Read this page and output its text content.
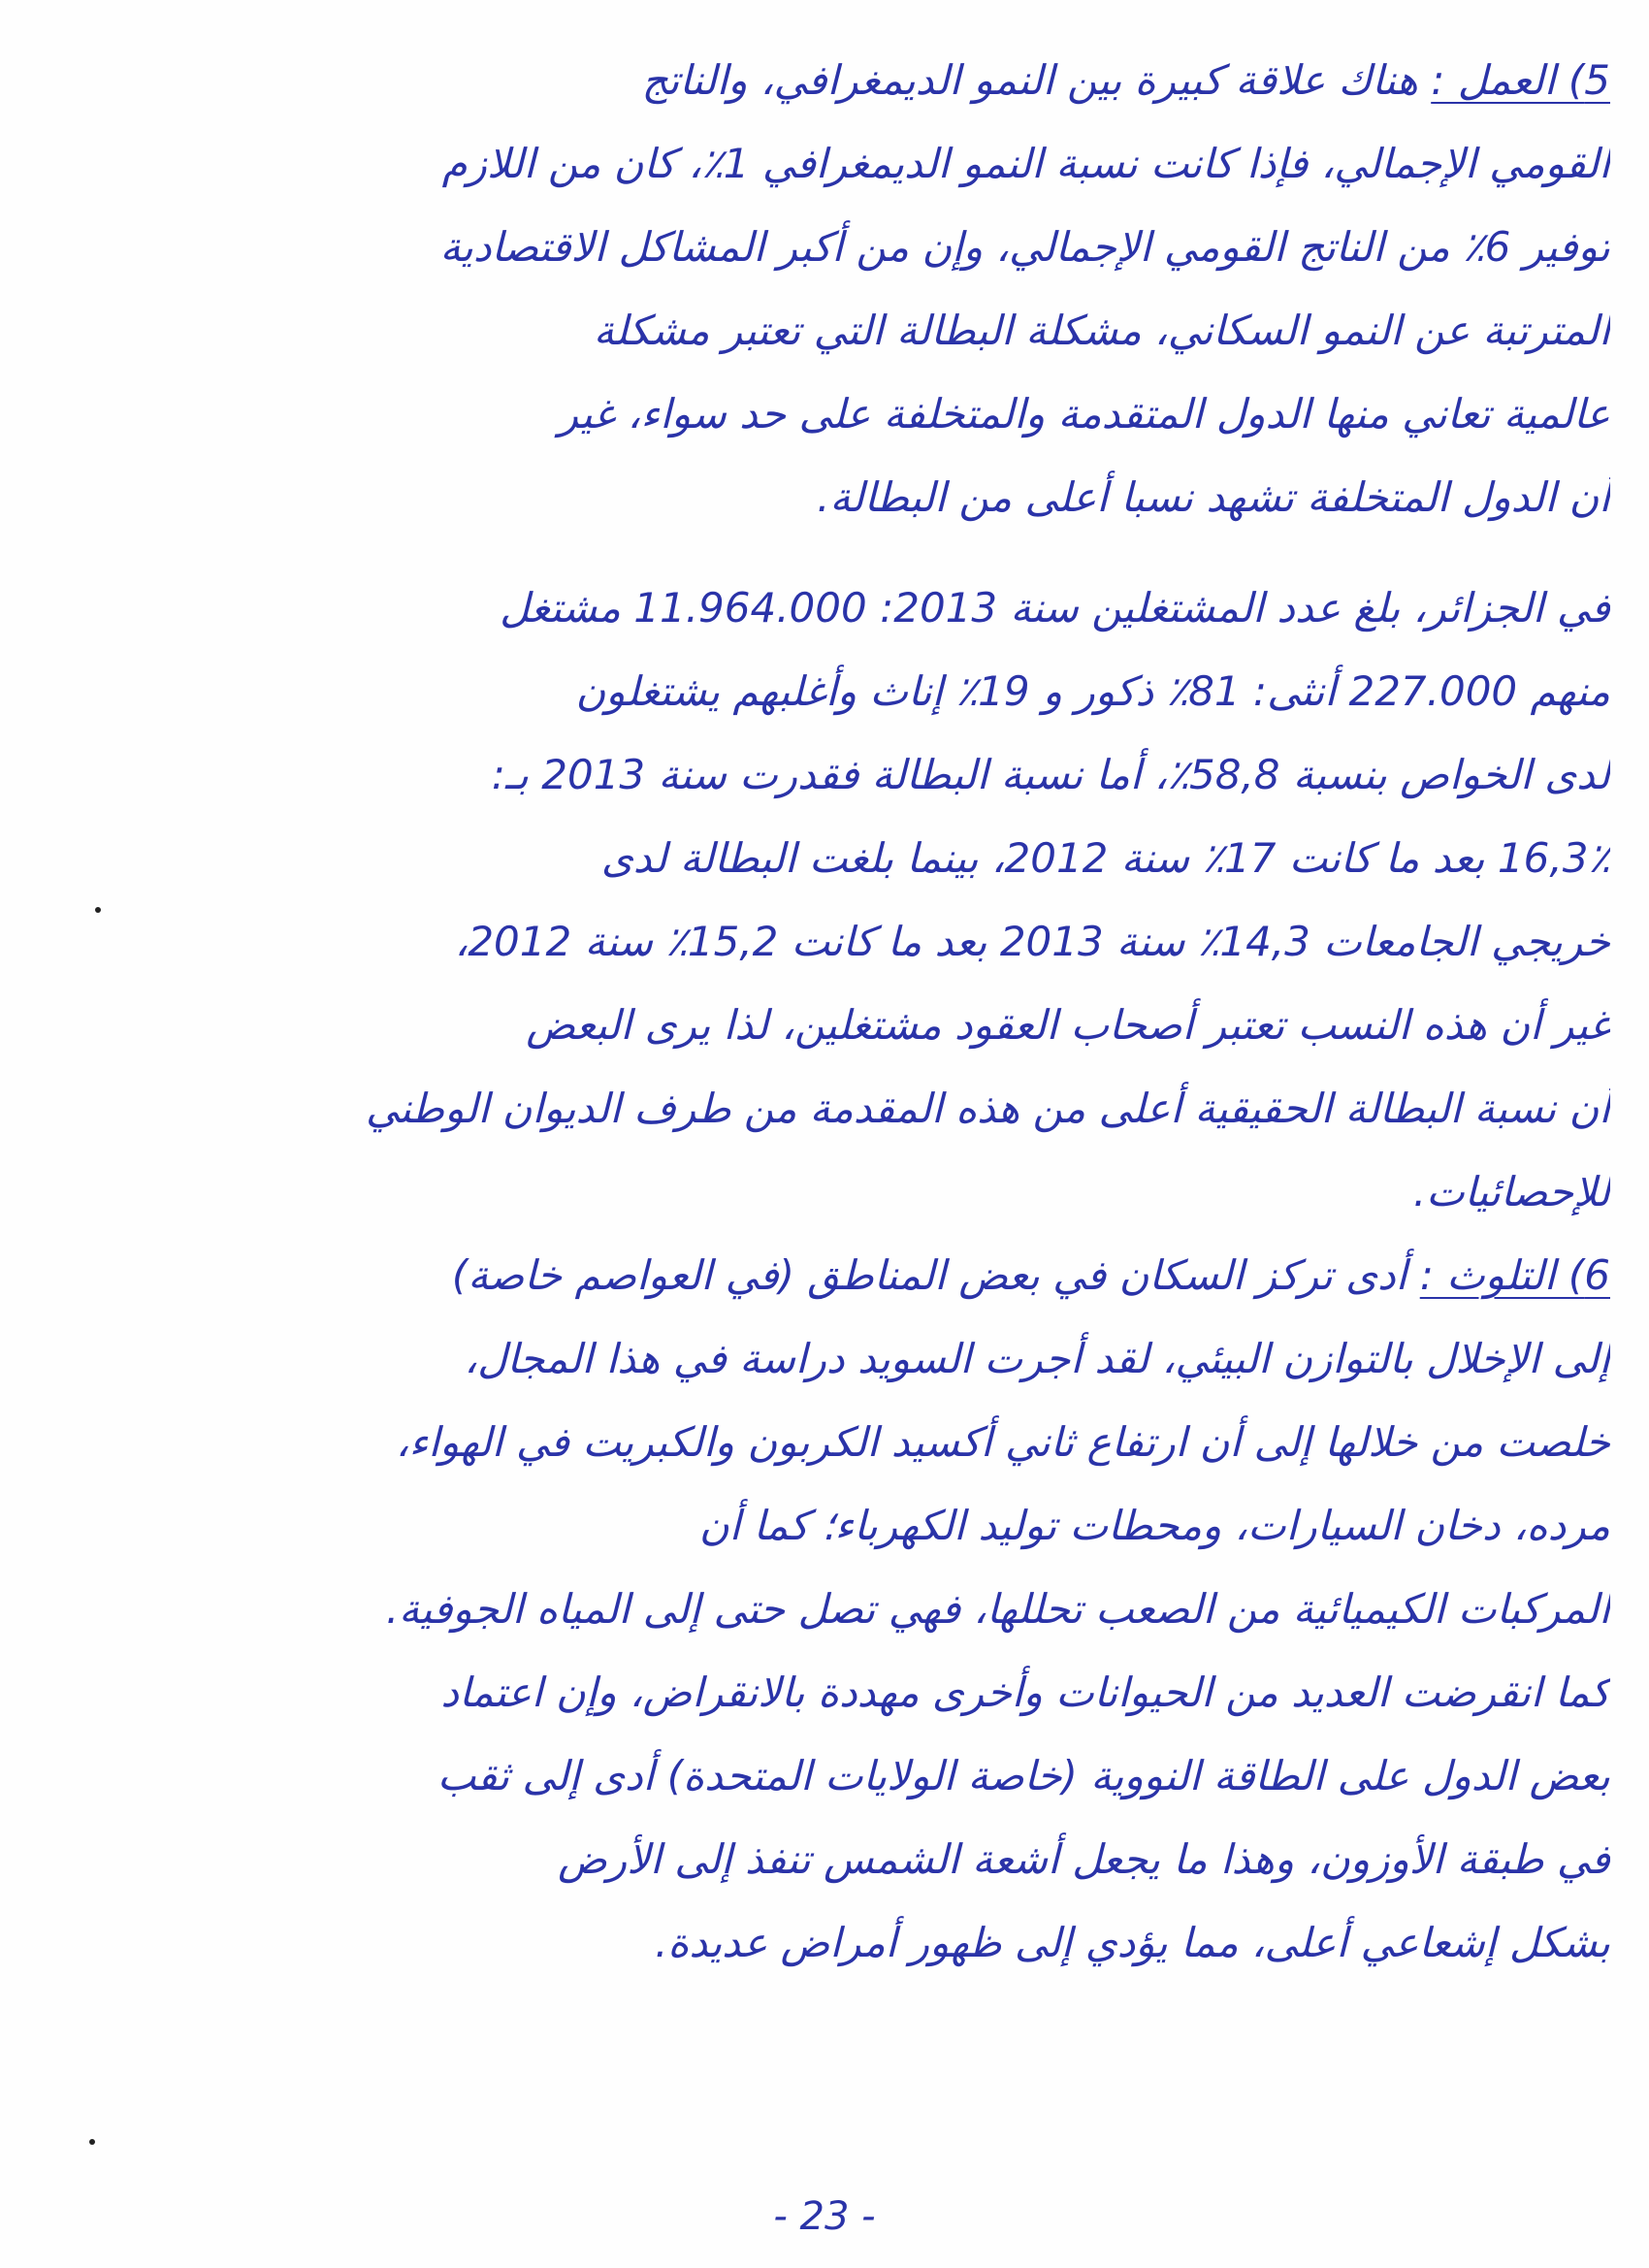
5) العمل : هناك علاقة كبيرة بين النمو الديمغرافي، والناتج
القومي الإجمالي، فإذا كانت نسبة النمو الديمغرافي 1٪، كان من اللازم
توفير 6٪ من الناتج القومي الإجمالي، وإن من أكبر المشاكل الاقتصادية
المترتبة عن النمو السكاني، مشكلة البطالة التي تعتبر مشكلة
عالمية تعاني منها الدول المتقدمة والمتخلفة على حد سواء، غير
أن الدول المتخلفة تشهد نسبا أعلى من البطالة.
في الجزائر، بلغ عدد المشتغلين سنة 2013: 11.964.000 مشتغل
منهم 227.000 أنثى: 81٪ ذكور و 19٪ إناث وأغلبهم يشتغلون
لدى الخواص بنسبة 58,8٪، أما نسبة البطالة فقدرت سنة 2013 بـ:
16,3٪ بعد ما كانت 17٪ سنة 2012، بينما بلغت البطالة لدى
خريجي الجامعات 14,3٪ سنة 2013 بعد ما كانت 15,2٪ سنة 2012،
غير أن هذه النسب تعتبر أصحاب العقود مشتغلين، لذا يرى البعض
أن نسبة البطالة الحقيقية أعلى من هذه المقدمة من طرف الديوان الوطني
للإحصائيات.
6) التلوث : أدى تركز السكان في بعض المناطق (في العواصم خاصة)
إلى الإخلال بالتوازن البيئي، لقد أجرت السويد دراسة في هذا المجال،
خلصت من خلالها إلى أن ارتفاع ثاني أكسيد الكربون والكبريت في الهواء،
مرده، دخان السيارات، ومحطات توليد الكهرباء؛ كما أن
المركبات الكيميائية من الصعب تحللها، فهي تصل حتى إلى المياه الجوفية.
كما انقرضت العديد من الحيوانات وأخرى مهددة بالانقراض، وإن اعتماد
بعض الدول على الطاقة النووية (خاصة الولايات المتحدة) أدى إلى ثقب
في طبقة الأوزون، وهذا ما يجعل أشعة الشمس تنفذ إلى الأرض
بشكل إشعاعي أعلى، مما يؤدي إلى ظهور أمراض عديدة.
- 23 -
